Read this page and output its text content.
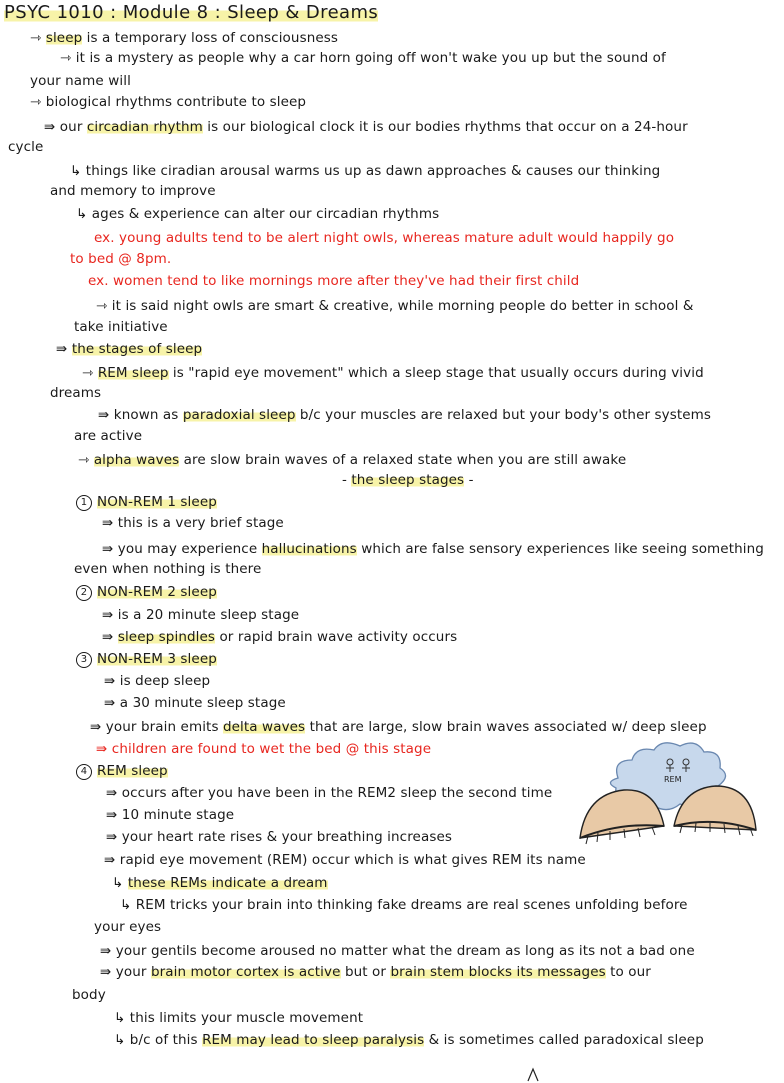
PSYC 1010 : Module 8 : Sleep & Dreams
⇾ sleep is a temporary loss of consciousness
⇾ it is a mystery as people why a car horn going off won't wake you up but the sound of
your name will
⇾ biological rhythms contribute to sleep
⇛ our circadian rhythm is our biological clock it is our bodies rhythms that occur on a 24-hour
cycle
↳ things like ciradian arousal warms us up as dawn approaches & causes our thinking
and memory to improve
↳ ages & experience can alter our circadian rhythms
ex. young adults tend to be alert night owls, whereas mature adult would happily go
to bed @ 8pm.
ex. women tend to like mornings more after they've had their first child
⇾ it is said night owls are smart & creative, while morning people do better in school &
take initiative
⇛ the stages of sleep
⇾ REM sleep is "rapid eye movement" which a sleep stage that usually occurs during vivid
dreams
⇛ known as paradoxial sleep b/c your muscles are relaxed but your body's other systems
are active
⇾ alpha waves are slow brain waves of a relaxed state when you are still awake
- the sleep stages -
1 NON-REM 1 sleep
⇛ this is a very brief stage
⇛ you may experience hallucinations which are false sensory experiences like seeing something
even when nothing is there
2 NON-REM 2 sleep
⇛ is a 20 minute sleep stage
⇛ sleep spindles or rapid brain wave activity occurs
3 NON-REM 3 sleep
⇛ is deep sleep
⇛ a 30 minute sleep stage
⇛ your brain emits delta waves that are large, slow brain waves associated w/ deep sleep
⇛ children are found to wet the bed @ this stage
4 REM sleep
⇛ occurs after you have been in the REM2 sleep the second time
⇛ 10 minute stage
⇛ your heart rate rises & your breathing increases
⇛ rapid eye movement (REM) occur which is what gives REM its name
↳ these REMs indicate a dream
↳ REM tricks your brain into thinking fake dreams are real scenes unfolding before
your eyes
⇛ your gentils become aroused no matter what the dream as long as its not a bad one
⇛ your brain motor cortex is active but or brain stem blocks its messages to our
body
↳ this limits your muscle movement
↳ b/c of this REM may lead to sleep paralysis & is sometimes called paradoxical sleep
REM
